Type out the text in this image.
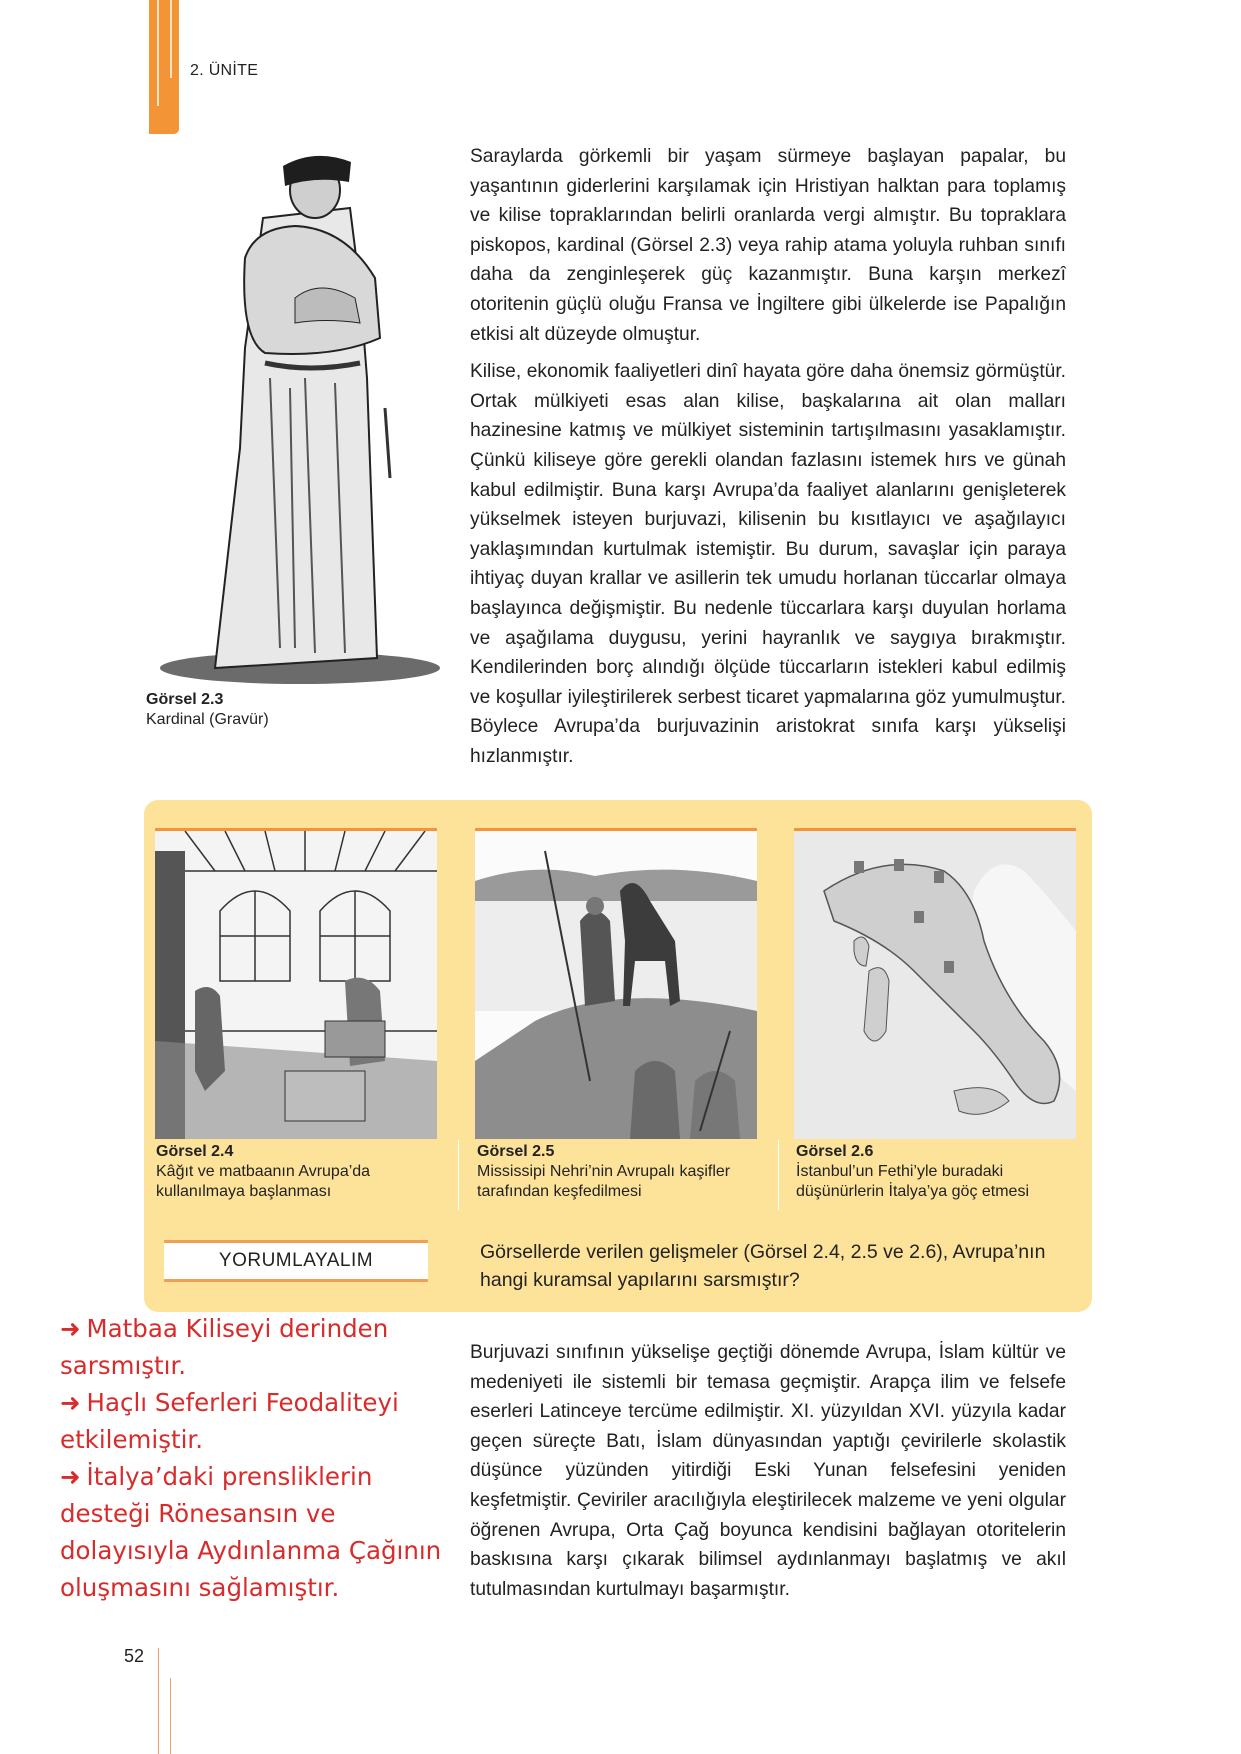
2. ÜNİTE
Görsel 2.3
Kardinal (Gravür)

Saraylarda görkemli bir yaşam sürmeye başlayan papalar, bu yaşantının giderlerini karşılamak için Hristiyan halktan para toplamış ve kilise topraklarından belirli oranlarda vergi almıştır. Bu topraklara piskopos, kardinal (Görsel 2.3) veya rahip atama yoluyla ruhban sınıfı daha da zenginleşerek güç kazanmıştır. Buna karşın merkezî otoritenin güçlü oluğu Fransa ve İngiltere gibi ülkelerde ise Papalığın etkisi alt düzeyde olmuştur.

Kilise, ekonomik faaliyetleri dinî hayata göre daha önemsiz görmüştür. Ortak mülkiyeti esas alan kilise, başkalarına ait olan malları hazinesine katmış ve mülkiyet sisteminin tartışılmasını yasaklamıştır. Çünkü kiliseye göre gerekli olandan fazlasını istemek hırs ve günah kabul edilmiştir. Buna karşı Avrupa’da faaliyet alanlarını genişleterek yükselmek isteyen burjuvazi, kilisenin bu kısıtlayıcı ve aşağılayıcı yaklaşımından kurtulmak istemiştir. Bu durum, savaşlar için paraya ihtiyaç duyan krallar ve asillerin tek umudu horlanan tüccarlar olmaya başlayınca değişmiştir. Bu nedenle tüccarlara karşı duyulan horlama ve aşağılama duygusu, yerini hayranlık ve saygıya bırakmıştır. Kendilerinden borç alındığı ölçüde tüccarların istekleri kabul edilmiş ve koşullar iyileştirilerek serbest ticaret yapmalarına göz yumulmuştur. Böylece Avrupa’da burjuvazinin aristokrat sınıfa karşı yükselişi hızlanmıştır.

Görsel 2.4
Kâğıt ve matbaanın Avrupa’da kullanılmaya başlanması
Görsel 2.5
Mississipi Nehri’nin Avrupalı kaşifler tarafından keşfedilmesi
Görsel 2.6
İstanbul’un Fethi’yle buradaki düşünürlerin İtalya’ya göç etmesi
YORUMLAYALIM	Görsellerde verilen gelişmeler (Görsel 2.4, 2.5 ve 2.6), Avrupa’nın hangi kuramsal yapılarını sarsmıştır?
➜ Matbaa Kiliseyi derinden sarsmıştır.
➜ Haçlı Seferleri Feodaliteyi etkilemiştir.
➜ İtalya’daki prensliklerin desteği Rönesansın ve dolayısıyla Aydınlanma Çağının oluşmasını sağlamıştır.

Burjuvazi sınıfının yükselişe geçtiği dönemde Avrupa, İslam kültür ve medeniyeti ile sistemli bir temasa geçmiştir. Arapça ilim ve felsefe eserleri Latinceye tercüme edilmiştir. XI. yüzyıldan XVI. yüzyıla kadar geçen süreçte Batı, İslam dünyasından yaptığı çevirilerle skolastik düşünce yüzünden yitirdiği Eski Yunan felsefesini yeniden keşfetmiştir. Çeviriler aracılığıyla eleştirilecek malzeme ve yeni olgular öğrenen Avrupa, Orta Çağ boyunca kendisini bağlayan otoritelerin baskısına karşı çıkarak bilimsel aydınlanmayı başlatmış ve akıl tutulmasından kurtulmayı başarmıştır.

52
